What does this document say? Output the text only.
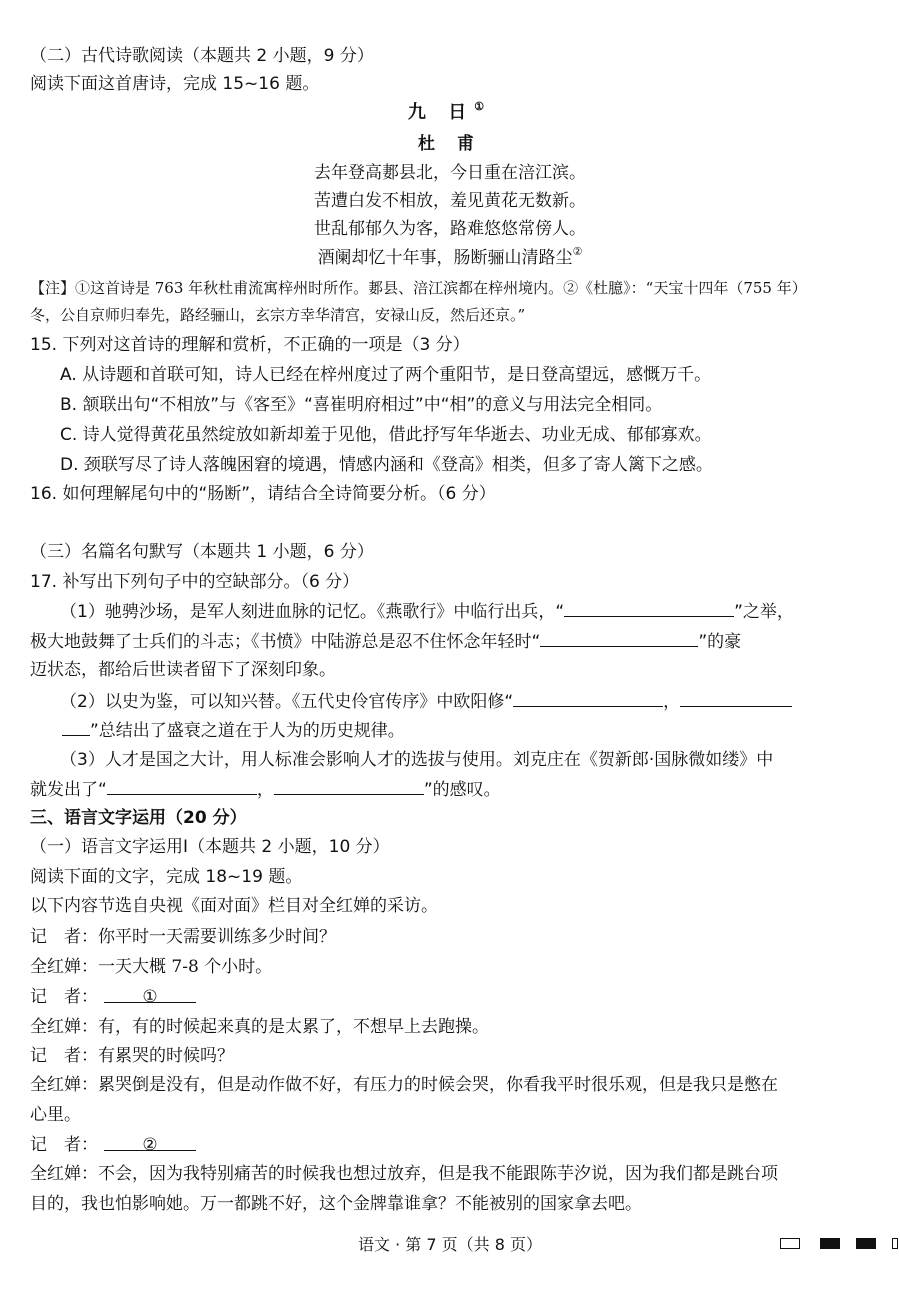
（二）古代诗歌阅读（本题共 2 小题，9 分）
阅读下面这首唐诗，完成 15~16 题。
九 日①
杜 甫
去年登高郪县北，今日重在涪江滨。
苦遭白发不相放，羞见黄花无数新。
世乱郁郁久为客，路难悠悠常傍人。
酒阑却忆十年事，肠断骊山清路尘②
【注】①这首诗是 763 年秋杜甫流寓梓州时所作。郪县、涪江滨都在梓州境内。②《杜臆》：“天宝十四年（755 年）
冬，公自京师归奉先，路经骊山，玄宗方幸华清宫，安禄山反，然后还京。”
15. 下列对这首诗的理解和赏析，不正确的一项是（3 分）
A. 从诗题和首联可知，诗人已经在梓州度过了两个重阳节，是日登高望远，感慨万千。
B. 颔联出句“不相放”与《客至》“喜崔明府相过”中“相”的意义与用法完全相同。
C. 诗人觉得黄花虽然绽放如新却羞于见他，借此抒写年华逝去、功业无成、郁郁寡欢。
D. 颈联写尽了诗人落魄困窘的境遇，情感内涵和《登高》相类，但多了寄人篱下之感。
16. 如何理解尾句中的“肠断”，请结合全诗简要分析。（6 分）
（三）名篇名句默写（本题共 1 小题，6 分）
17. 补写出下列句子中的空缺部分。（6 分）
（1）驰骋沙场，是军人刻进血脉的记忆。《燕歌行》中临行出兵，“	”之举，
极大地鼓舞了士兵们的斗志；《书愤》中陆游总是忍不住怀念年轻时“	”的豪
迈状态，都给后世读者留下了深刻印象。
（2）以史为鉴，可以知兴替。《五代史伶官传序》中欧阳修“	，
”总结出了盛衰之道在于人为的历史规律。
（3）人才是国之大计，用人标准会影响人才的选拔与使用。刘克庄在《贺新郎·国脉微如缕》中
就发出了“	，	”的感叹。
三、语言文字运用（20 分）
（一）语言文字运用Ⅰ（本题共 2 小题，10 分）
阅读下面的文字，完成 18~19 题。
以下内容节选自央视《面对面》栏目对全红婵的采访。
记　者：你平时一天需要训练多少时间？
全红婵：一天大概 7-8 个小时。
记　者：	①
全红婵：有，有的时候起来真的是太累了，不想早上去跑操。
记　者：有累哭的时候吗？
全红婵：累哭倒是没有，但是动作做不好，有压力的时候会哭，你看我平时很乐观，但是我只是憋在
心里。
记　者：	②
全红婵：不会，因为我特别痛苦的时候我也想过放弃，但是我不能跟陈芋汐说，因为我们都是跳台项
目的，我也怕影响她。万一都跳不好，这个金牌靠谁拿？不能被别的国家拿去吧。
语文 · 第 7 页（共 8 页）
